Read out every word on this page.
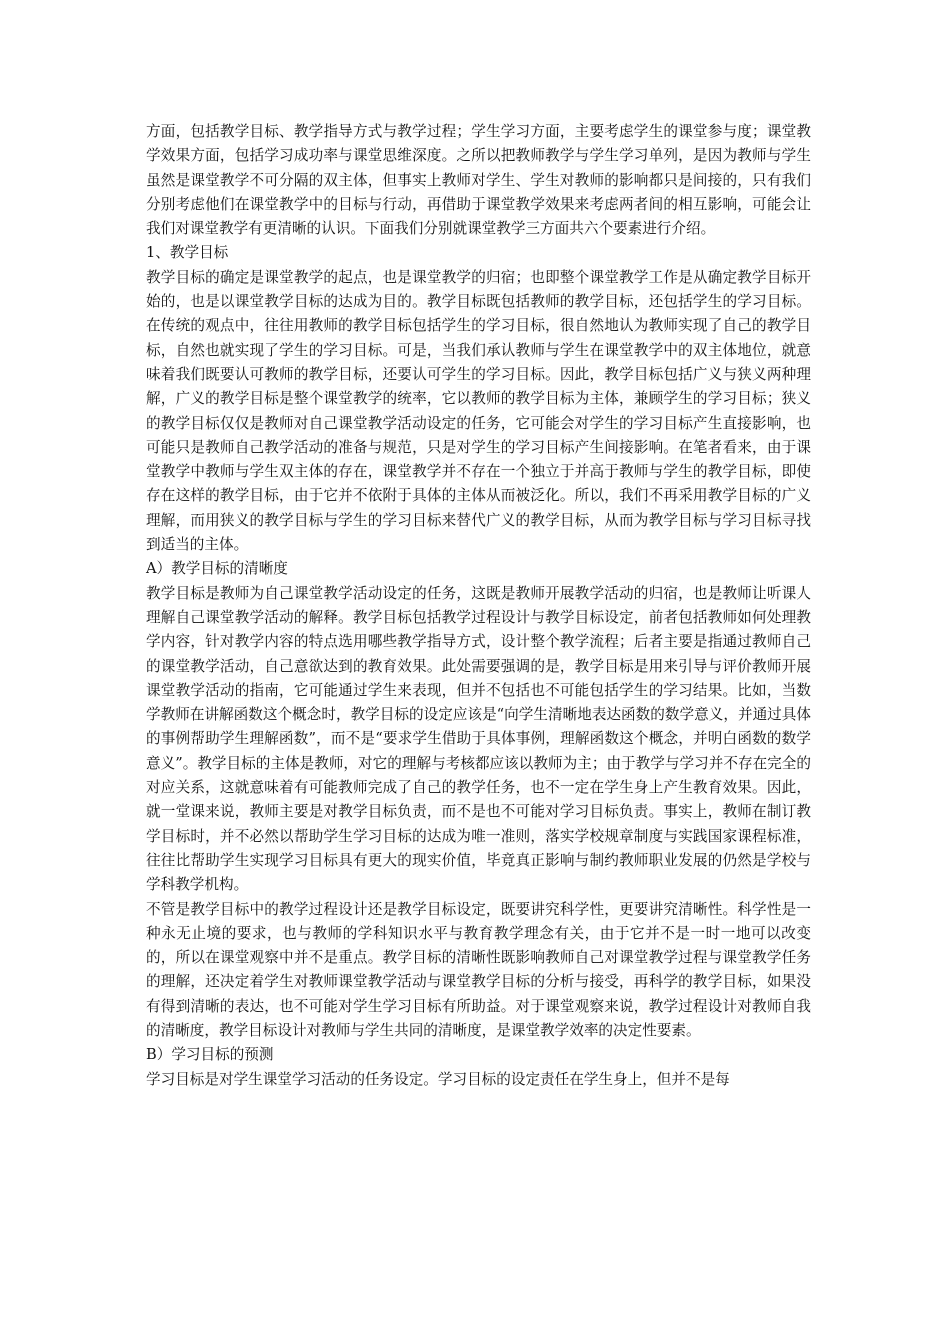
方面，包括教学目标、教学指导方式与教学过程；学生学习方面，主要考虑学生的课堂参与度；课堂教学效果方面，包括学习成功率与课堂思维深度。之所以把教师教学与学生学习单列，是因为教师与学生虽然是课堂教学不可分隔的双主体，但事实上教师对学生、学生对教师的影响都只是间接的，只有我们分别考虑他们在课堂教学中的目标与行动，再借助于课堂教学效果来考虑两者间的相互影响，可能会让我们对课堂教学有更清晰的认识。下面我们分别就课堂教学三方面共六个要素进行介绍。

1、教学目标

教学目标的确定是课堂教学的起点，也是课堂教学的归宿；也即整个课堂教学工作是从确定教学目标开始的，也是以课堂教学目标的达成为目的。教学目标既包括教师的教学目标，还包括学生的学习目标。在传统的观点中，往往用教师的教学目标包括学生的学习目标，很自然地认为教师实现了自己的教学目标，自然也就实现了学生的学习目标。可是，当我们承认教师与学生在课堂教学中的双主体地位，就意味着我们既要认可教师的教学目标，还要认可学生的学习目标。因此，教学目标包括广义与狭义两种理解，广义的教学目标是整个课堂教学的统率，它以教师的教学目标为主体，兼顾学生的学习目标；狭义的教学目标仅仅是教师对自己课堂教学活动设定的任务，它可能会对学生的学习目标产生直接影响，也可能只是教师自己教学活动的准备与规范，只是对学生的学习目标产生间接影响。在笔者看来，由于课堂教学中教师与学生双主体的存在，课堂教学并不存在一个独立于并高于教师与学生的教学目标，即使存在这样的教学目标，由于它并不依附于具体的主体从而被泛化。所以，我们不再采用教学目标的广义理解，而用狭义的教学目标与学生的学习目标来替代广义的教学目标，从而为教学目标与学习目标寻找到适当的主体。

A）教学目标的清晰度

教学目标是教师为自己课堂教学活动设定的任务，这既是教师开展教学活动的归宿，也是教师让听课人理解自己课堂教学活动的解释。教学目标包括教学过程设计与教学目标设定，前者包括教师如何处理教学内容，针对教学内容的特点选用哪些教学指导方式，设计整个教学流程；后者主要是指通过教师自己的课堂教学活动，自己意欲达到的教育效果。此处需要强调的是，教学目标是用来引导与评价教师开展课堂教学活动的指南，它可能通过学生来表现，但并不包括也不可能包括学生的学习结果。比如，当数学教师在讲解函数这个概念时，教学目标的设定应该是“向学生清晰地表达函数的数学意义，并通过具体的事例帮助学生理解函数”，而不是“要求学生借助于具体事例，理解函数这个概念，并明白函数的数学意义”。教学目标的主体是教师，对它的理解与考核都应该以教师为主；由于教学与学习并不存在完全的对应关系，这就意味着有可能教师完成了自己的教学任务，也不一定在学生身上产生教育效果。因此，就一堂课来说，教师主要是对教学目标负责，而不是也不可能对学习目标负责。事实上，教师在制订教学目标时，并不必然以帮助学生学习目标的达成为唯一准则，落实学校规章制度与实践国家课程标准，往往比帮助学生实现学习目标具有更大的现实价值，毕竟真正影响与制约教师职业发展的仍然是学校与学科教学机构。

不管是教学目标中的教学过程设计还是教学目标设定，既要讲究科学性，更要讲究清晰性。科学性是一种永无止境的要求，也与教师的学科知识水平与教育教学理念有关，由于它并不是一时一地可以改变的，所以在课堂观察中并不是重点。教学目标的清晰性既影响教师自己对课堂教学过程与课堂教学任务的理解，还决定着学生对教师课堂教学活动与课堂教学目标的分析与接受，再科学的教学目标，如果没有得到清晰的表达，也不可能对学生学习目标有所助益。对于课堂观察来说，教学过程设计对教师自我的清晰度，教学目标设计对教师与学生共同的清晰度，是课堂教学效率的决定性要素。

B）学习目标的预测

学习目标是对学生课堂学习活动的任务设定。学习目标的设定责任在学生身上，但并不是每
